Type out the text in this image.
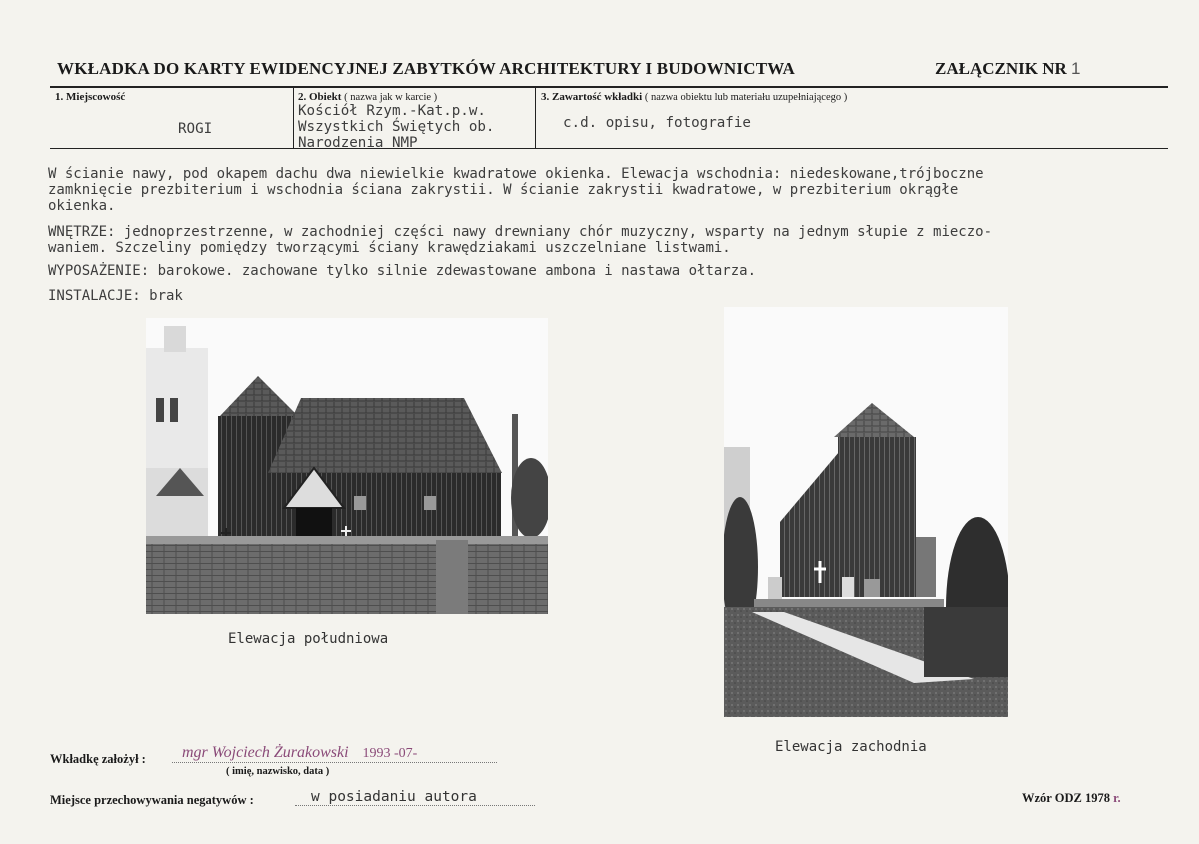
WKŁADKA DO KARTY EWIDENCYJNEJ ZABYTKÓW ARCHITEKTURY I BUDOWNICTWA	ZAŁĄCZNIK NR 1
1. Miejscowość
ROGI
2. Obiekt ( nazwa jak w karcie )
Kościół Rzym.-Kat.p.w.
Wszystkich Świętych ob.
Narodzenia NMP
3. Zawartość wkładki ( nazwa obiektu lub materiału uzupełniającego )
c.d. opisu, fotografie
W ścianie nawy, pod okapem dachu dwa niewielkie kwadratowe okienka. Elewacja wschodnia: niedeskowane,trójboczne
zamknięcie prezbiterium i wschodnia ściana zakrystii. W ścianie zakrystii kwadratowe, w prezbiterium okrągłe
okienka.
WNĘTRZE: jednoprzestrzenne, w zachodniej części nawy drewniany chór muzyczny, wsparty na jednym słupie z mieczo-
waniem. Szczeliny pomiędzy tworzącymi ściany krawędziakami uszczelniane listwami.
WYPOSAŻENIE: barokowe. zachowane tylko silnie zdewastowane ambona i nastawa ołtarza.
INSTALACJE: brak
Elewacja południowa
Elewacja zachodnia
Wkładkę założył : mgr Wojciech Żurakowski 1993 -07-
( imię, nazwisko, data )
Miejsce przechowywania negatywów :	w posiadaniu autora	Wzór ODZ 1978 r.
